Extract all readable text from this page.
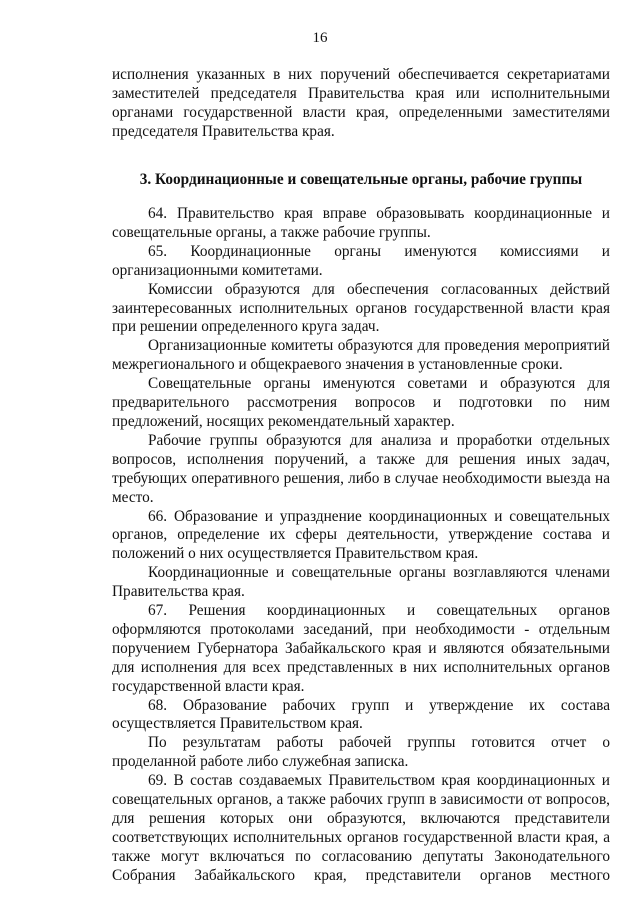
16

исполнения указанных в них поручений обеспечивается секретариатами заместителей председателя Правительства края или исполнительными органами государственной власти края, определенными заместителями председателя Правительства края.

3. Координационные и совещательные органы, рабочие группы

64. Правительство края вправе образовывать координационные и совещательные органы, а также рабочие группы.

65. Координационные органы именуются комиссиями и организационными комитетами.

Комиссии образуются для обеспечения согласованных действий заинтересованных исполнительных органов государственной власти края при решении определенного круга задач.

Организационные комитеты образуются для проведения мероприятий межрегионального и общекраевого значения в установленные сроки.

Совещательные органы именуются советами и образуются для предварительного рассмотрения вопросов и подготовки по ним предложений, носящих рекомендательный характер.

Рабочие группы образуются для анализа и проработки отдельных вопросов, исполнения поручений, а также для решения иных задач, требующих оперативного решения, либо в случае необходимости выезда на место.

66. Образование и упразднение координационных и совещательных органов, определение их сферы деятельности, утверждение состава и положений о них осуществляется Правительством края.

Координационные и совещательные органы возглавляются членами Правительства края.

67. Решения координационных и совещательных органов оформляются протоколами заседаний, при необходимости - отдельным поручением Губернатора Забайкальского края и являются обязательными для исполнения для всех представленных в них исполнительных органов государственной власти края.

68. Образование рабочих групп и утверждение их состава осуществляется Правительством края.

По результатам работы рабочей группы готовится отчет о проделанной работе либо служебная записка.

69. В состав создаваемых Правительством края координационных и совещательных органов, а также рабочих групп в зависимости от вопросов, для решения которых они образуются, включаются представители соответствующих исполнительных органов государственной власти края, а также могут включаться по согласованию депутаты Законодательного Собрания Забайкальского края, представители органов местного
